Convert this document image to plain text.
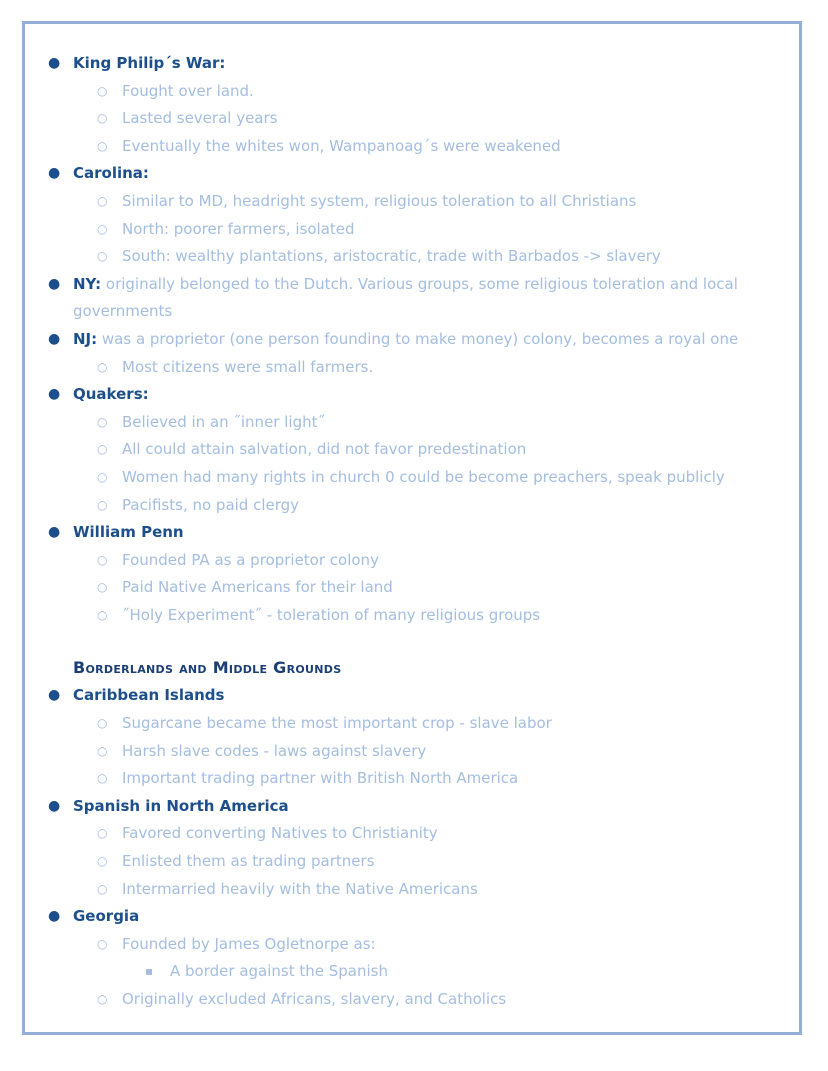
● King Philip´s War:
○ Fought over land.
○ Lasted several years
○ Eventually the whites won, Wampanoag´s were weakened
● Carolina:
○ Similar to MD, headright system, religious toleration to all Christians
○ North: poorer farmers, isolated
○ South: wealthy plantations, aristocratic, trade with Barbados -> slavery
● NY: originally belonged to the Dutch. Various groups, some religious toleration and local governments
● NJ: was a proprietor (one person founding to make money) colony, becomes a royal one
○ Most citizens were small farmers.
● Quakers:
○ Believed in an ˝inner light˝
○ All could attain salvation, did not favor predestination
○ Women had many rights in church 0 could be become preachers, speak publicly
○ Pacifists, no paid clergy
● William Penn
○ Founded PA as a proprietor colony
○ Paid Native Americans for their land
○ ˝Holy Experiment˝ - toleration of many religious groups
Borderlands and Middle Grounds
● Caribbean Islands
○ Sugarcane became the most important crop - slave labor
○ Harsh slave codes - laws against slavery
○ Important trading partner with British North America
● Spanish in North America
○ Favored converting Natives to Christianity
○ Enlisted them as trading partners
○ Intermarried heavily with the Native Americans
● Georgia
○ Founded by James Ogletnorpe as:
▪ A border against the Spanish
○ Originally excluded Africans, slavery, and Catholics
